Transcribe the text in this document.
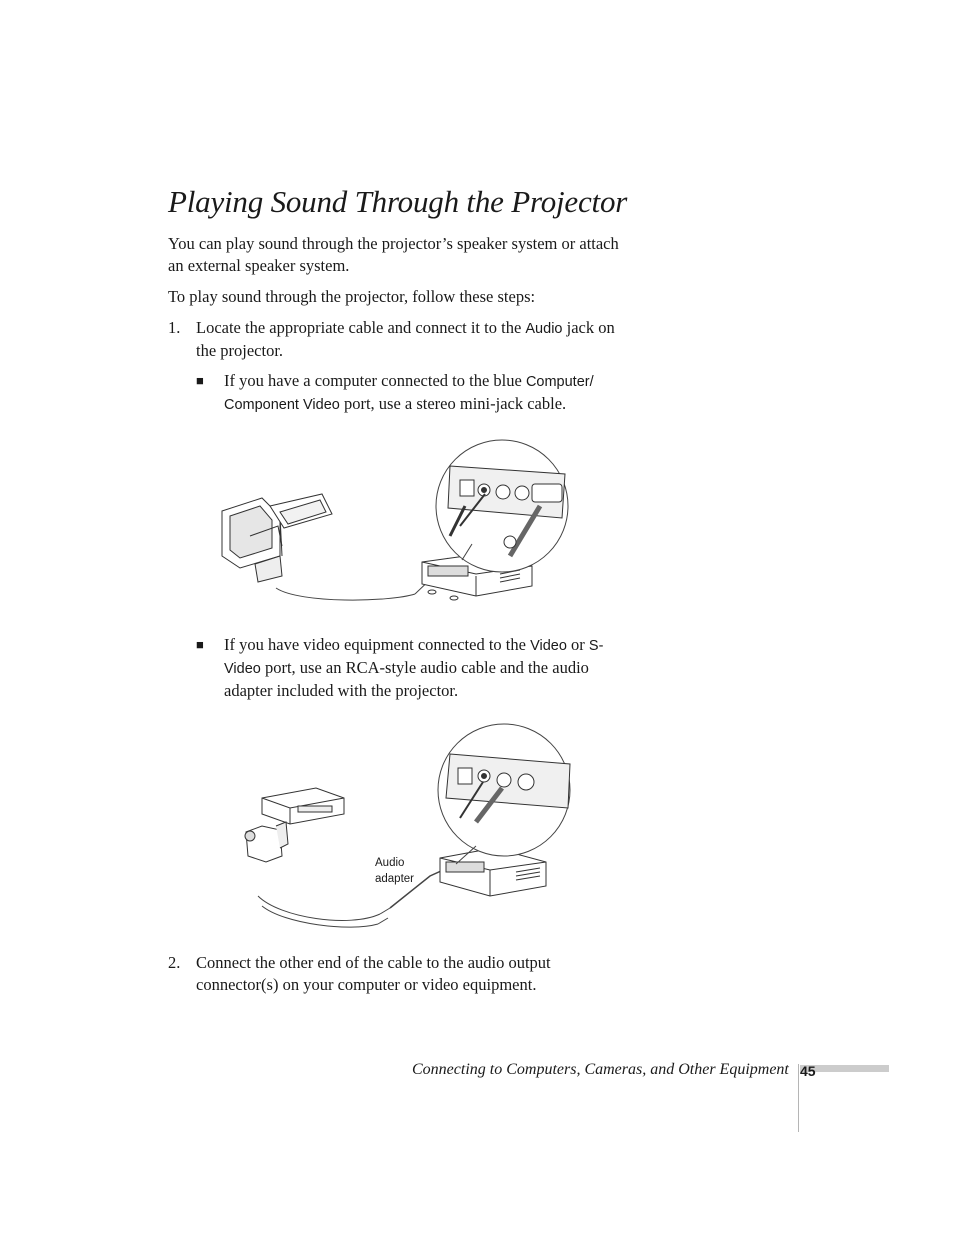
Playing Sound Through the Projector

You can play sound through the projector’s speaker system or attach an external speaker system.

To play sound through the projector, follow these steps:

1. Locate the appropriate cable and connect it to the Audio jack on the projector.

■ If you have a computer connected to the blue Computer/ Component Video port, use a stereo mini-jack cable.

■ If you have video equipment connected to the Video or S-Video port, use an RCA-style audio cable and the audio adapter included with the projector.

Audio adapter
2. Connect the other end of the cable to the audio output connector(s) on your computer or video equipment.

Connecting to Computers, Cameras, and Other Equipment 45
